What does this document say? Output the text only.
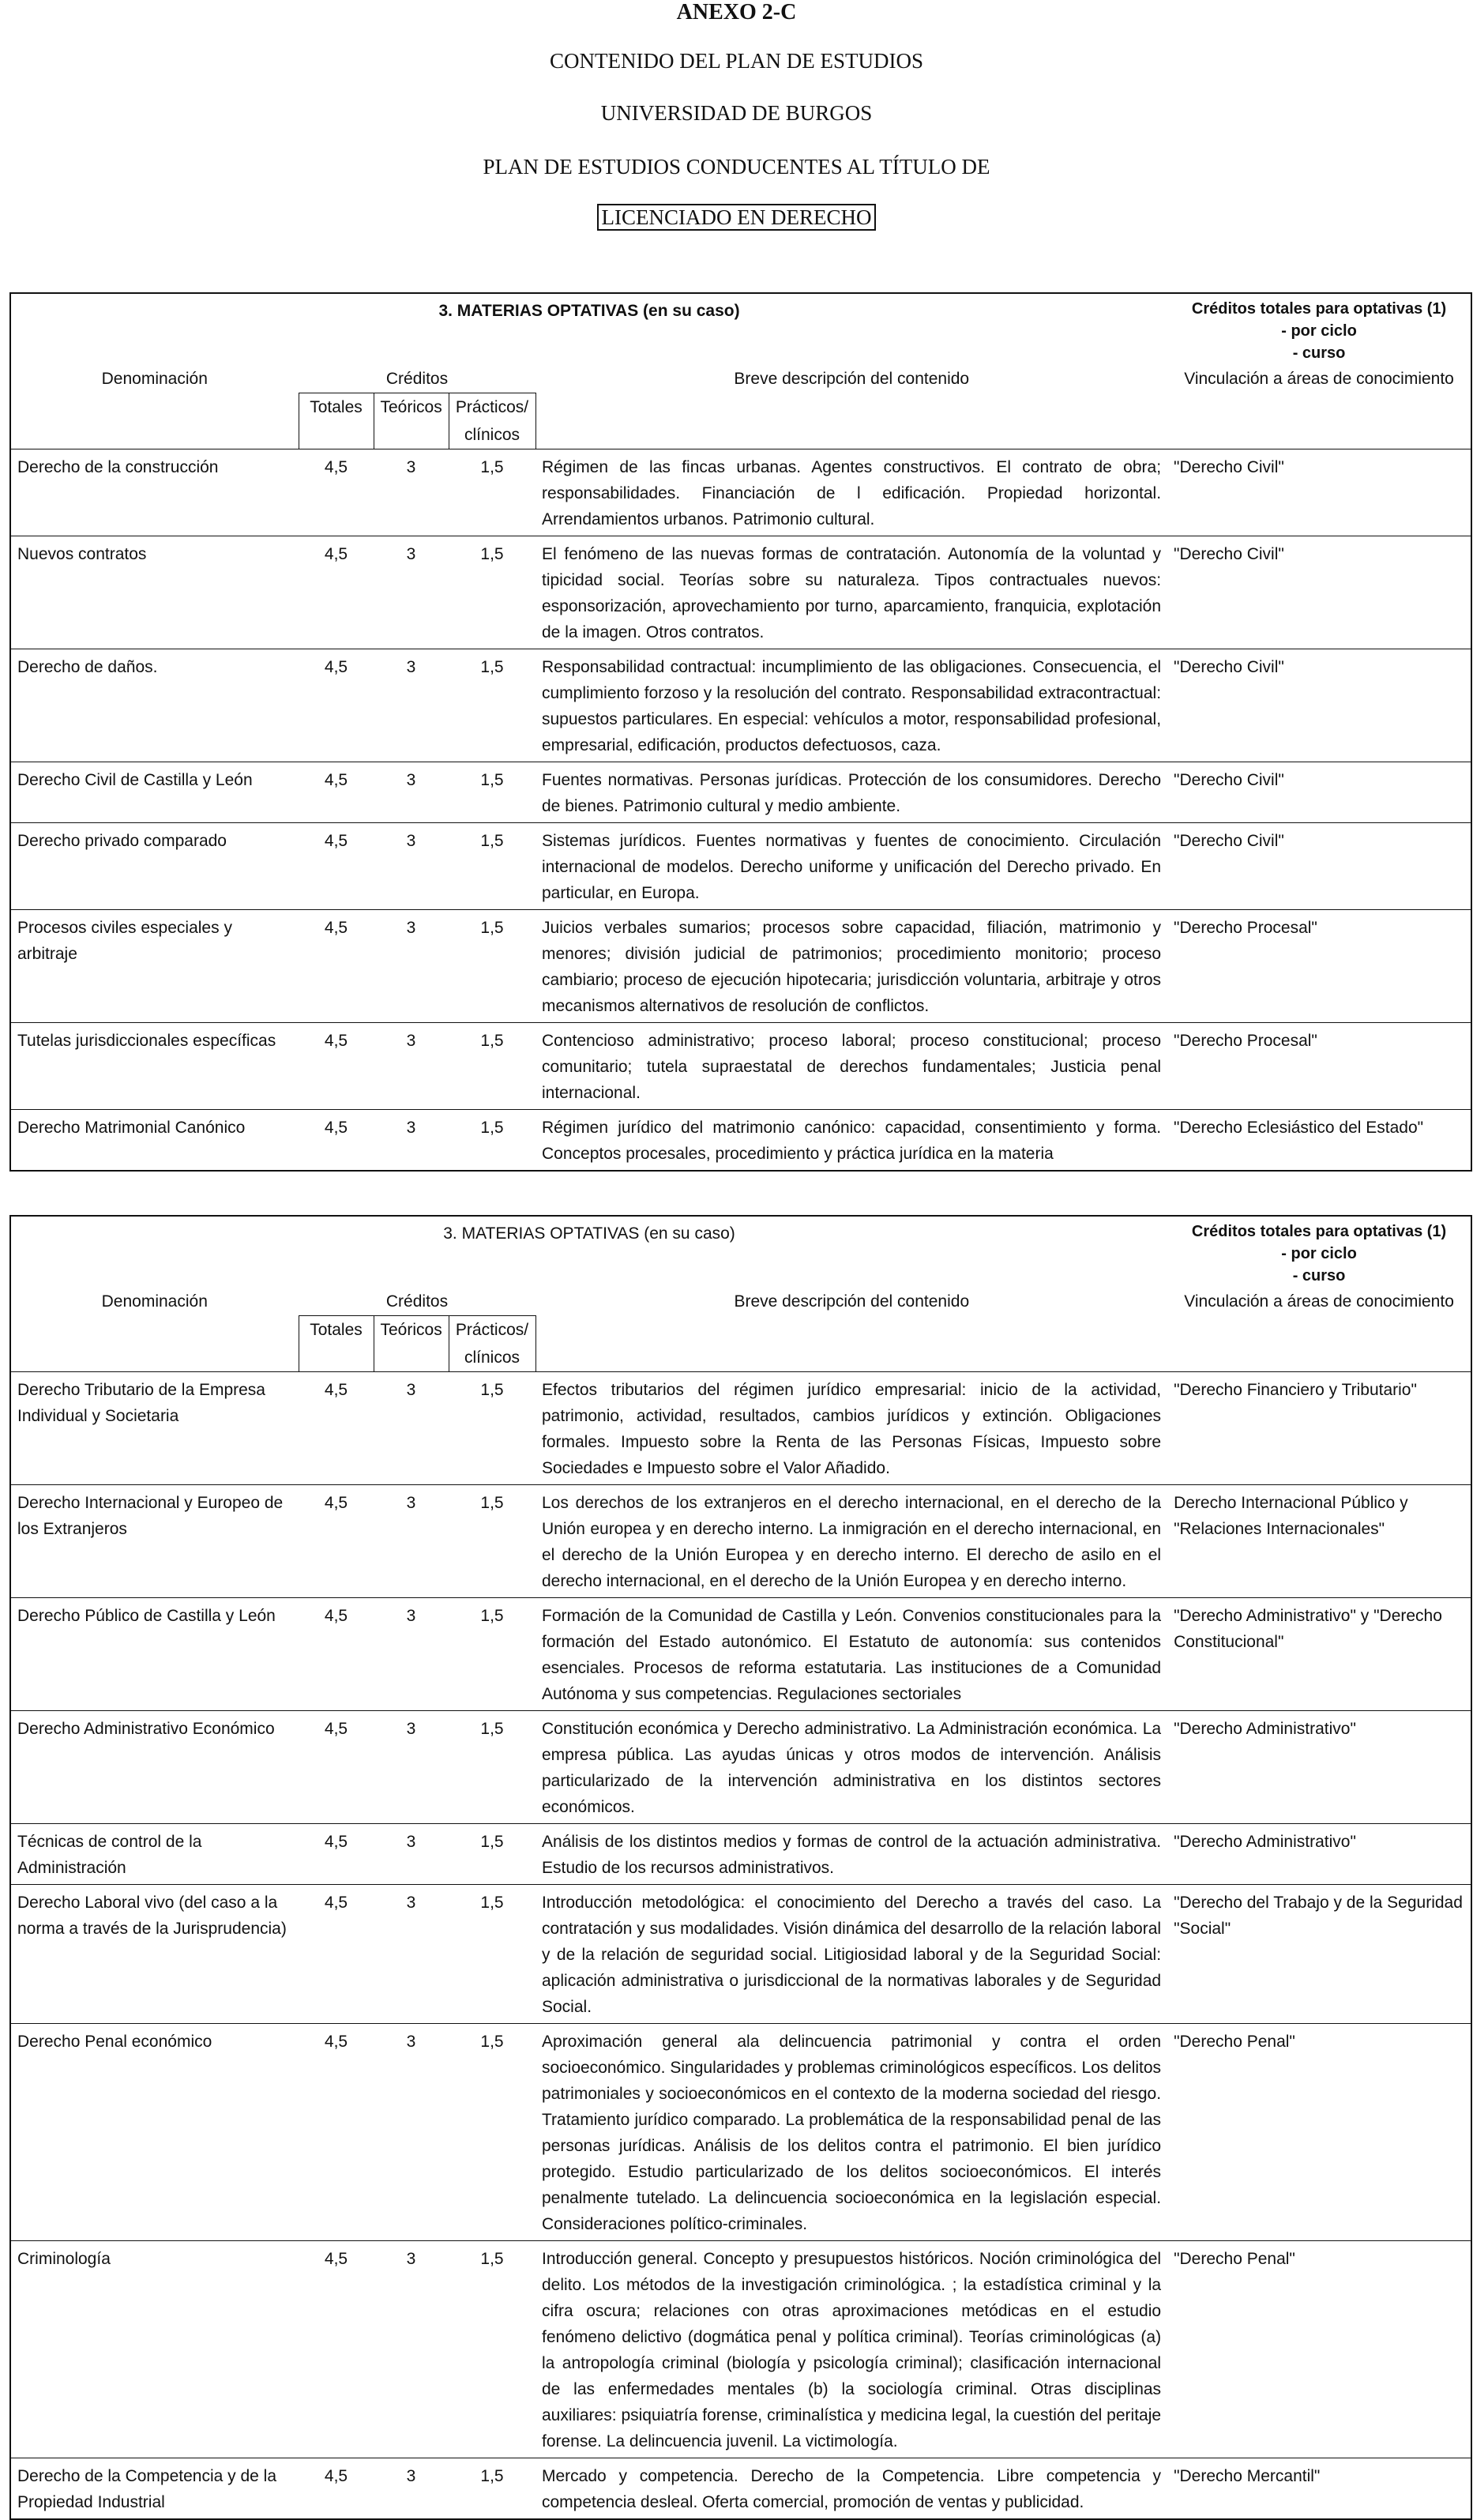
ANEXO 2-C
CONTENIDO DEL PLAN DE ESTUDIOS
UNIVERSIDAD DE BURGOS
PLAN DE ESTUDIOS CONDUCENTES AL TÍTULO DE
LICENCIADO EN DERECHO
3. MATERIAS OPTATIVAS (en su caso)					Créditos totales para optativas (1)
- por ciclo
- curso

Denominación	Créditos			Breve descripción del contenido	Vinculación a áreas de conocimiento
	Totales	Teóricos	Prácticos/		
			clínicos		
Derecho de la construcción	4,5	3	1,5	Régimen de las fincas urbanas. Agentes constructivos. El contrato de obra; responsabilidades. Financiación de l edificación. Propiedad horizontal. Arrendamientos urbanos. Patrimonio cultural.	"Derecho Civil"
Nuevos contratos	4,5	3	1,5	El fenómeno de las nuevas formas de contratación. Autonomía de la voluntad y tipicidad social. Teorías sobre su naturaleza. Tipos contractuales nuevos: esponsorización, aprovechamiento por turno, aparcamiento, franquicia, explotación de la imagen. Otros contratos.	"Derecho Civil"
Derecho de daños.	4,5	3	1,5	Responsabilidad contractual: incumplimiento de las obligaciones. Consecuencia, el cumplimiento forzoso y la resolución del contrato. Responsabilidad extracontractual: supuestos particulares. En especial: vehículos a motor, responsabilidad profesional, empresarial, edificación, productos defectuosos, caza.	"Derecho Civil"
Derecho Civil de Castilla y León	4,5	3	1,5	Fuentes normativas. Personas jurídicas. Protección de los consumidores. Derecho de bienes. Patrimonio cultural y medio ambiente.	"Derecho Civil"
Derecho privado comparado	4,5	3	1,5	Sistemas jurídicos. Fuentes normativas y fuentes de conocimiento. Circulación internacional de modelos. Derecho uniforme y unificación del Derecho privado. En particular, en Europa.	"Derecho Civil"
Procesos civiles especiales y arbitraje	4,5	3	1,5	Juicios verbales sumarios; procesos sobre capacidad, filiación, matrimonio y menores; división judicial de patrimonios; procedimiento monitorio; proceso cambiario; proceso de ejecución hipotecaria; jurisdicción voluntaria, arbitraje y otros mecanismos alternativos de resolución de conflictos.	"Derecho Procesal"
Tutelas jurisdiccionales específicas	4,5	3	1,5	Contencioso administrativo; proceso laboral; proceso constitucional; proceso comunitario; tutela supraestatal de derechos fundamentales; Justicia penal internacional.	"Derecho Procesal"
Derecho Matrimonial Canónico	4,5	3	1,5	Régimen jurídico del matrimonio canónico: capacidad, consentimiento y forma. Conceptos procesales, procedimiento y práctica jurídica en la materia	"Derecho Eclesiástico del Estado"
3. MATERIAS OPTATIVAS (en su caso)					Créditos totales para optativas (1)
- por ciclo
- curso

Denominación	Créditos			Breve descripción del contenido	Vinculación a áreas de conocimiento
	Totales	Teóricos	Prácticos/		
			clínicos		
Derecho Tributario de la Empresa Individual y Societaria	4,5	3	1,5	Efectos tributarios del régimen jurídico empresarial: inicio de la actividad, patrimonio, actividad, resultados, cambios jurídicos y extinción. Obligaciones formales. Impuesto sobre la Renta de las Personas Físicas, Impuesto sobre Sociedades e Impuesto sobre el Valor Añadido.	"Derecho Financiero y Tributario"
Derecho Internacional y Europeo de los Extranjeros	4,5	3	1,5	Los derechos de los extranjeros en el derecho internacional, en el derecho de la Unión europea y en derecho interno. La inmigración en el derecho internacional, en el derecho de la Unión Europea y en derecho interno. El derecho de asilo en el derecho internacional, en el derecho de la Unión Europea y en derecho interno.	Derecho Internacional Público y "Relaciones Internacionales"
Derecho Público de Castilla y León	4,5	3	1,5	Formación de la Comunidad de Castilla y León. Convenios constitucionales para la formación del Estado autonómico. El Estatuto de autonomía: sus contenidos esenciales. Procesos de reforma estatutaria. Las instituciones de a Comunidad Autónoma y sus competencias. Regulaciones sectoriales	"Derecho Administrativo" y "Derecho Constitucional"
Derecho Administrativo Económico	4,5	3	1,5	Constitución económica y Derecho administrativo. La Administración económica. La empresa pública. Las ayudas únicas y otros modos de intervención. Análisis particularizado de la intervención administrativa en los distintos sectores económicos.	"Derecho Administrativo"
Técnicas de control de la Administración	4,5	3	1,5	Análisis de los distintos medios y formas de control de la actuación administrativa. Estudio de los recursos administrativos.	"Derecho Administrativo"
Derecho Laboral vivo (del caso a la norma a través de la Jurisprudencia)	4,5	3	1,5	Introducción metodológica: el conocimiento del Derecho a través del caso. La contratación y sus modalidades. Visión dinámica del desarrollo de la relación laboral y de la relación de seguridad social. Litigiosidad laboral y de la Seguridad Social: aplicación administrativa o jurisdiccional de la normativas laborales y de Seguridad Social.	"Derecho del Trabajo y de la Seguridad "Social"
Derecho Penal económico	4,5	3	1,5	Aproximación general ala delincuencia patrimonial y contra el orden socioeconómico. Singularidades y problemas criminológicos específicos. Los delitos patrimoniales y socioeconómicos en el contexto de la moderna sociedad del riesgo. Tratamiento jurídico comparado. La problemática de la responsabilidad penal de las personas jurídicas. Análisis de los delitos contra el patrimonio. El bien jurídico protegido. Estudio particularizado de los delitos socioeconómicos. El interés penalmente tutelado. La delincuencia socioeconómica en la legislación especial. Consideraciones político-criminales.	"Derecho Penal"
Criminología	4,5	3	1,5	Introducción general. Concepto y presupuestos históricos. Noción criminológica del delito. Los métodos de la investigación criminológica. ; la estadística criminal y la cifra oscura; relaciones con otras aproximaciones metódicas en el estudio fenómeno delictivo (dogmática penal y política criminal). Teorías criminológicas (a) la antropología criminal (biología y psicología criminal); clasificación internacional de las enfermedades mentales (b) la sociología criminal. Otras disciplinas auxiliares: psiquiatría forense, criminalística y medicina legal, la cuestión del peritaje forense. La delincuencia juvenil. La victimología.	"Derecho Penal"
Derecho de la Competencia y de la Propiedad Industrial	4,5	3	1,5	Mercado y competencia. Derecho de la Competencia. Libre competencia y competencia desleal. Oferta comercial, promoción de ventas y publicidad.	"Derecho Mercantil"
